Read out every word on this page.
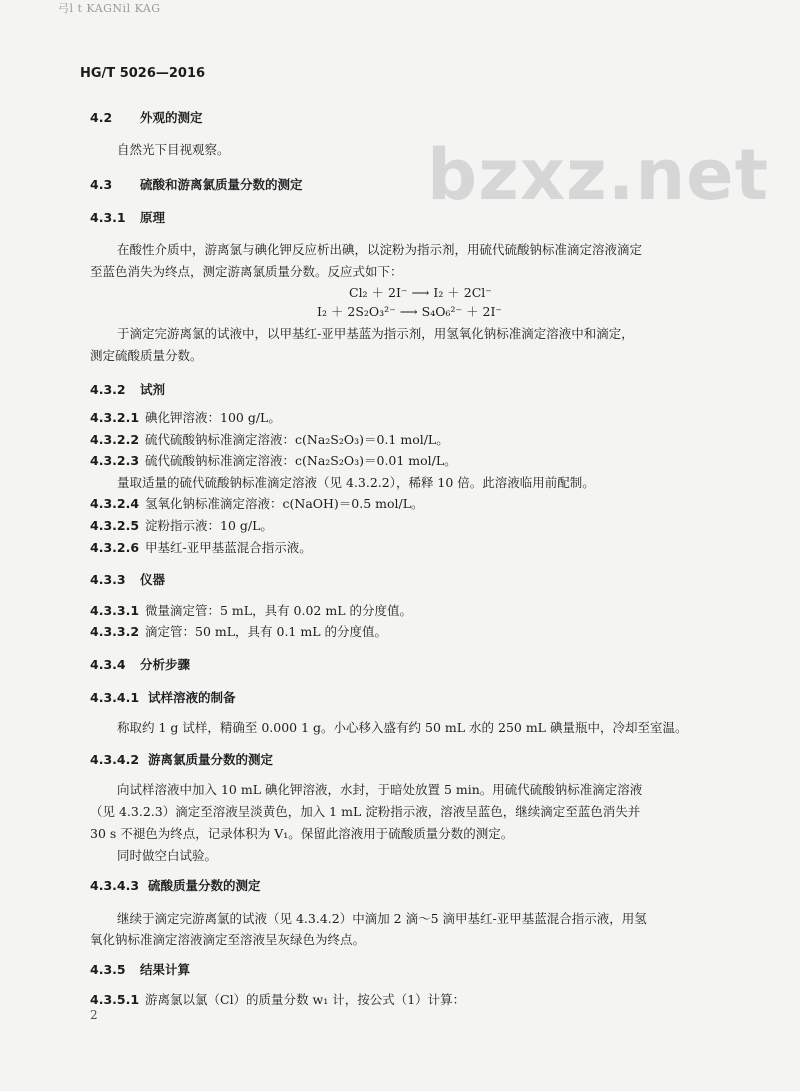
弓l t KAGNil KAG
HG/T 5026—2016
bzxz.net
4.2 外观的测定
自然光下目视观察。
4.3 硫酸和游离氯质量分数的测定
4.3.1 原理
在酸性介质中，游离氯与碘化钾反应析出碘，以淀粉为指示剂，用硫代硫酸钠标准滴定溶液滴定
至蓝色消失为终点，测定游离氯质量分数。反应式如下：
Cl₂ ＋ 2I⁻ ⟶ I₂ ＋ 2Cl⁻
I₂ ＋ 2S₂O₃²⁻ ⟶ S₄O₆²⁻ ＋ 2I⁻
于滴定完游离氯的试液中，以甲基红-亚甲基蓝为指示剂，用氢氧化钠标准滴定溶液中和滴定，
测定硫酸质量分数。
4.3.2 试剂
4.3.2.1 碘化钾溶液：100 g/L。
4.3.2.2 硫代硫酸钠标准滴定溶液：c(Na₂S₂O₃)＝0.1 mol/L。
4.3.2.3 硫代硫酸钠标准滴定溶液：c(Na₂S₂O₃)＝0.01 mol/L。
量取适量的硫代硫酸钠标准滴定溶液（见 4.3.2.2），稀释 10 倍。此溶液临用前配制。
4.3.2.4 氢氧化钠标准滴定溶液：c(NaOH)＝0.5 mol/L。
4.3.2.5 淀粉指示液：10 g/L。
4.3.2.6 甲基红-亚甲基蓝混合指示液。
4.3.3 仪器
4.3.3.1 微量滴定管：5 mL，具有 0.02 mL 的分度值。
4.3.3.2 滴定管：50 mL，具有 0.1 mL 的分度值。
4.3.4 分析步骤
4.3.4.1 试样溶液的制备
称取约 1 g 试样，精确至 0.000 1 g。小心移入盛有约 50 mL 水的 250 mL 碘量瓶中，冷却至室温。
4.3.4.2 游离氯质量分数的测定
向试样溶液中加入 10 mL 碘化钾溶液，水封，于暗处放置 5 min。用硫代硫酸钠标准滴定溶液
（见 4.3.2.3）滴定至溶液呈淡黄色，加入 1 mL 淀粉指示液，溶液呈蓝色，继续滴定至蓝色消失并
30 s 不褪色为终点，记录体积为 V₁。保留此溶液用于硫酸质量分数的测定。
同时做空白试验。
4.3.4.3 硫酸质量分数的测定
继续于滴定完游离氯的试液（见 4.3.4.2）中滴加 2 滴～5 滴甲基红-亚甲基蓝混合指示液，用氢
氧化钠标准滴定溶液滴定至溶液呈灰绿色为终点。
4.3.5 结果计算
4.3.5.1 游离氯以氯（Cl）的质量分数 w₁ 计，按公式（1）计算：
2
